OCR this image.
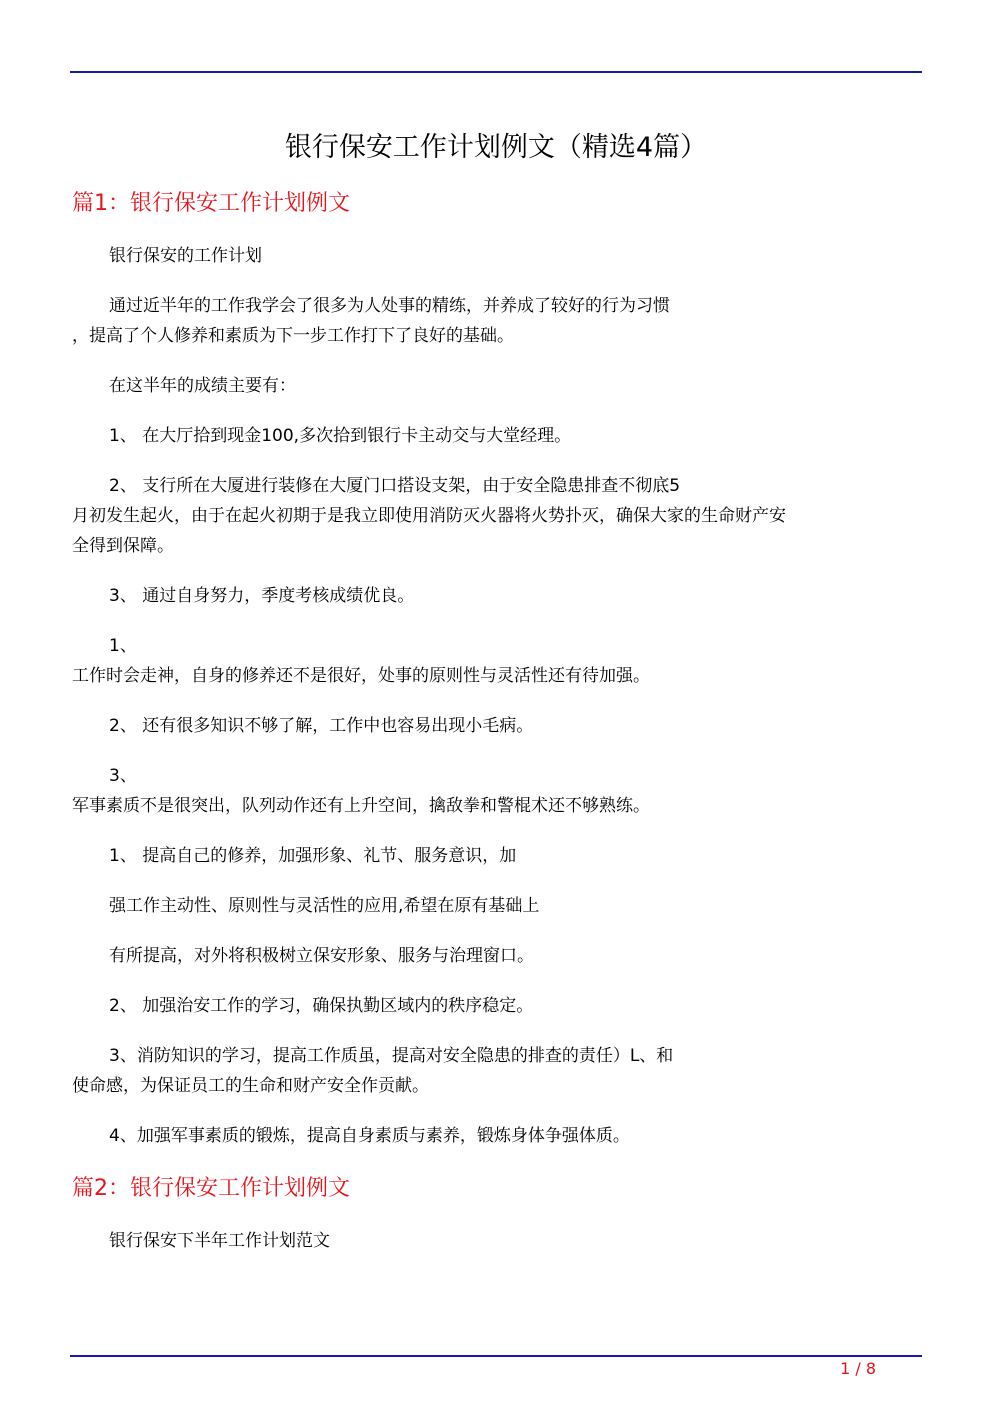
银行保安工作计划例文（精选4篇）
篇1：银行保安工作计划例文
银行保安的工作计划
通过近半年的工作我学会了很多为人处事的精练，并养成了较好的行为习惯
，提高了个人修养和素质为下一步工作打下了良好的基础。
在这半年的成绩主要有：
1、 在大厅拾到现金100,多次拾到银行卡主动交与大堂经理。
2、 支行所在大厦进行装修在大厦门口搭设支架，由于安全隐患排查不彻底5
月初发生起火，由于在起火初期于是我立即使用消防灭火器将火势扑灭，确保大家的生命财产安
全得到保障。
3、 通过自身努力，季度考核成绩优良。
1、
工作时会走神，自身的修养还不是很好，处事的原则性与灵活性还有待加强。
2、 还有很多知识不够了解，工作中也容易出现小毛病。
3、
军事素质不是很突出，队列动作还有上升空间，擒敌拳和警棍术还不够熟练。
1、 提高自己的修养，加强形象、礼节、服务意识，加
强工作主动性、原则性与灵活性的应用,希望在原有基础上
有所提高，对外将积极树立保安形象、服务与治理窗口。
2、 加强治安工作的学习，确保执勤区域内的秩序稳定。
3、消防知识的学习，提高工作质虽，提高对安全隐患的排查的责任）L、和
使命感，为保证员工的生命和财产安全作贡献。
4、加强军事素质的锻炼，提高自身素质与素养，锻炼身体争强体质。
篇2：银行保安工作计划例文
银行保安下半年工作计划范文
1 / 8
